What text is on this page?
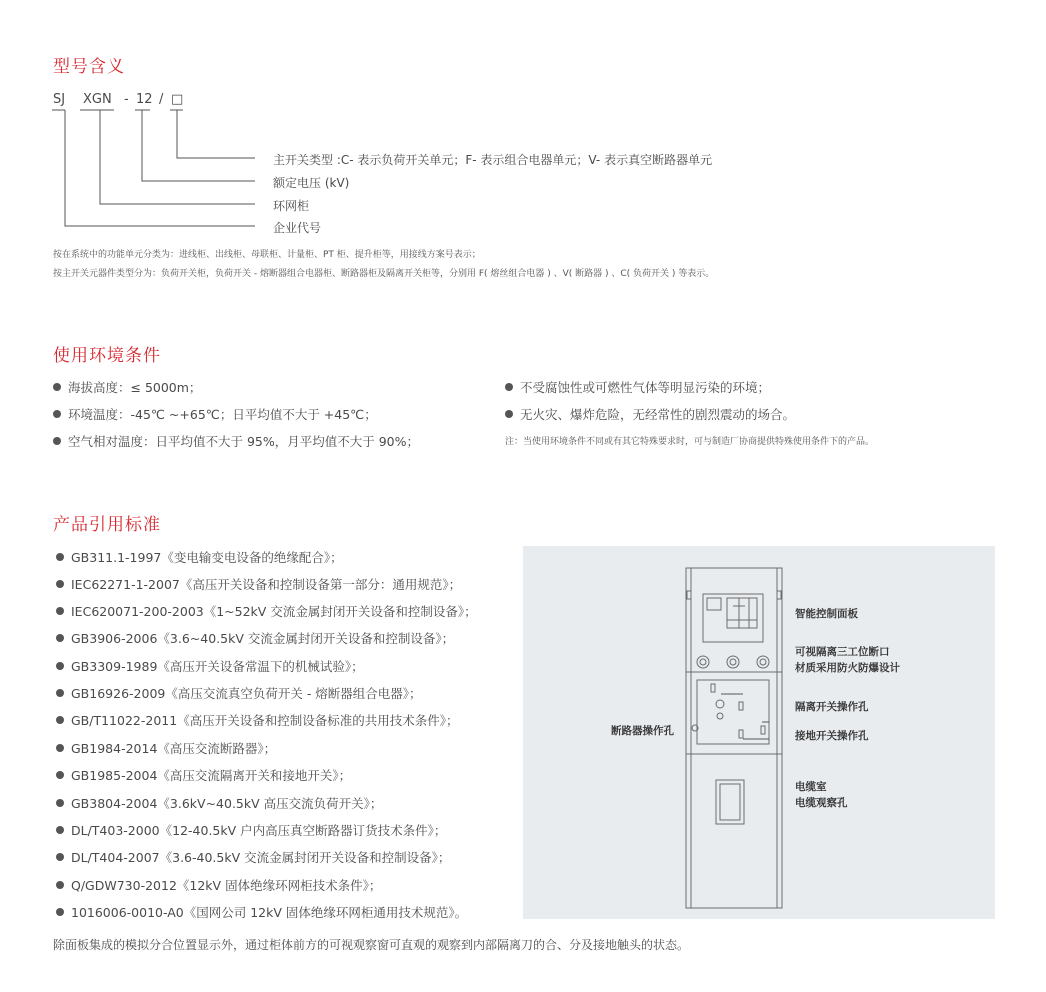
型号含义
SJ XGN - 12 / □
主开关类型 :C- 表示负荷开关单元；F- 表示组合电器单元；V- 表示真空断路器单元
额定电压 (kV)
环网柜
企业代号
按在系统中的功能单元分类为：进线柜、出线柜、母联柜、计量柜、PT 柜、提升柜等，用接线方案号表示；
按主开关元器件类型分为：负荷开关柜，负荷开关 - 熔断器组合电器柜、断路器柜及隔离开关柜等，分别用 F( 熔丝组合电器 ) 、V( 断路器 ) 、C( 负荷开关 ) 等表示。
使用环境条件
海拔高度：≤ 5000m；
环境温度：-45℃ ~+65℃；日平均值不大于 +45℃；
空气相对温度：日平均值不大于 95%，月平均值不大于 90%；
不受腐蚀性或可燃性气体等明显污染的环境；
无火灾、爆炸危险，无经常性的剧烈震动的场合。
注：当使用环境条件不同或有其它特殊要求时，可与制造厂协商提供特殊使用条件下的产品。
产品引用标准
GB311.1-1997《变电输变电设备的绝缘配合》；
IEC62271-1-2007《高压开关设备和控制设备第一部分：通用规范》；
IEC620071-200-2003《1~52kV 交流金属封闭开关设备和控制设备》；
GB3906-2006《3.6~40.5kV 交流金属封闭开关设备和控制设备》；
GB3309-1989《高压开关设备常温下的机械试验》；
GB16926-2009《高压交流真空负荷开关 - 熔断器组合电器》；
GB/T11022-2011《高压开关设备和控制设备标准的共用技术条件》；
GB1984-2014《高压交流断路器》；
GB1985-2004《高压交流隔离开关和接地开关》；
GB3804-2004《3.6kV~40.5kV 高压交流负荷开关》；
DL/T403-2000《12-40.5kV 户内高压真空断路器订货技术条件》；
DL/T404-2007《3.6-40.5kV 交流金属封闭开关设备和控制设备》；
Q/GDW730-2012《12kV 固体绝缘环网柜技术条件》；
1016006-0010-A0《国网公司 12kV 固体绝缘环网柜通用技术规范》。
智能控制面板
可视隔离三工位断口
材质采用防火防爆设计
隔离开关操作孔
断路器操作孔	接地开关操作孔
电缆室
电缆观察孔
除面板集成的模拟分合位置显示外，通过柜体前方的可视观察窗可直观的观察到内部隔离刀的合、分及接地触头的状态。
